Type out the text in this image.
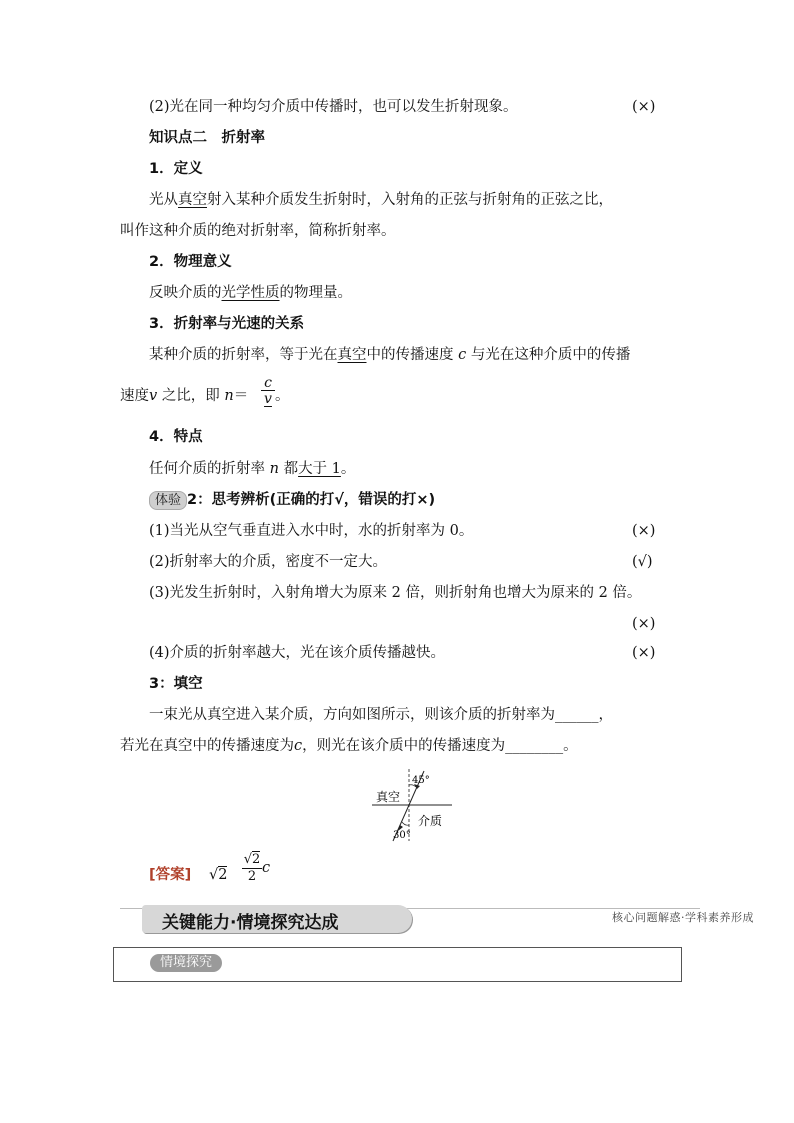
(2)光在同一种均匀介质中传播时，也可以发生折射现象。	(×)
知识点二　折射率
1．定义
光从真空射入某种介质发生折射时，入射角的正弦与折射角的正弦之比，
叫作这种介质的绝对折射率，简称折射率。
2．物理意义
反映介质的光学性质的物理量。
3．折射率与光速的关系
某种介质的折射率，等于光在真空中的传播速度 c 与光在这种介质中的传播
速度v 之比，即 n＝
c
v 。
4．特点
任何介质的折射率 n 都大于 1。
体验 2：思考辨析(正确的打√，错误的打×)
(1)当光从空气垂直进入水中时，水的折射率为 0。	(×)
(2)折射率大的介质，密度不一定大。	(√)
(3)光发生折射时，入射角增大为原来 2 倍，则折射角也增大为原来的 2 倍。
(×)
(4)介质的折射率越大，光在该介质传播越快。	(×)
3：填空
一束光从真空进入某介质，方向如图所示，则该介质的折射率为______，
若光在真空中的传播速度为c，则光在该介质中的传播速度为________。
真空
介质
45°
30°
[答案] √2
√2
2
c
关键能力·情境探究达成	核心问题解惑·学科素养形成
情境探究
